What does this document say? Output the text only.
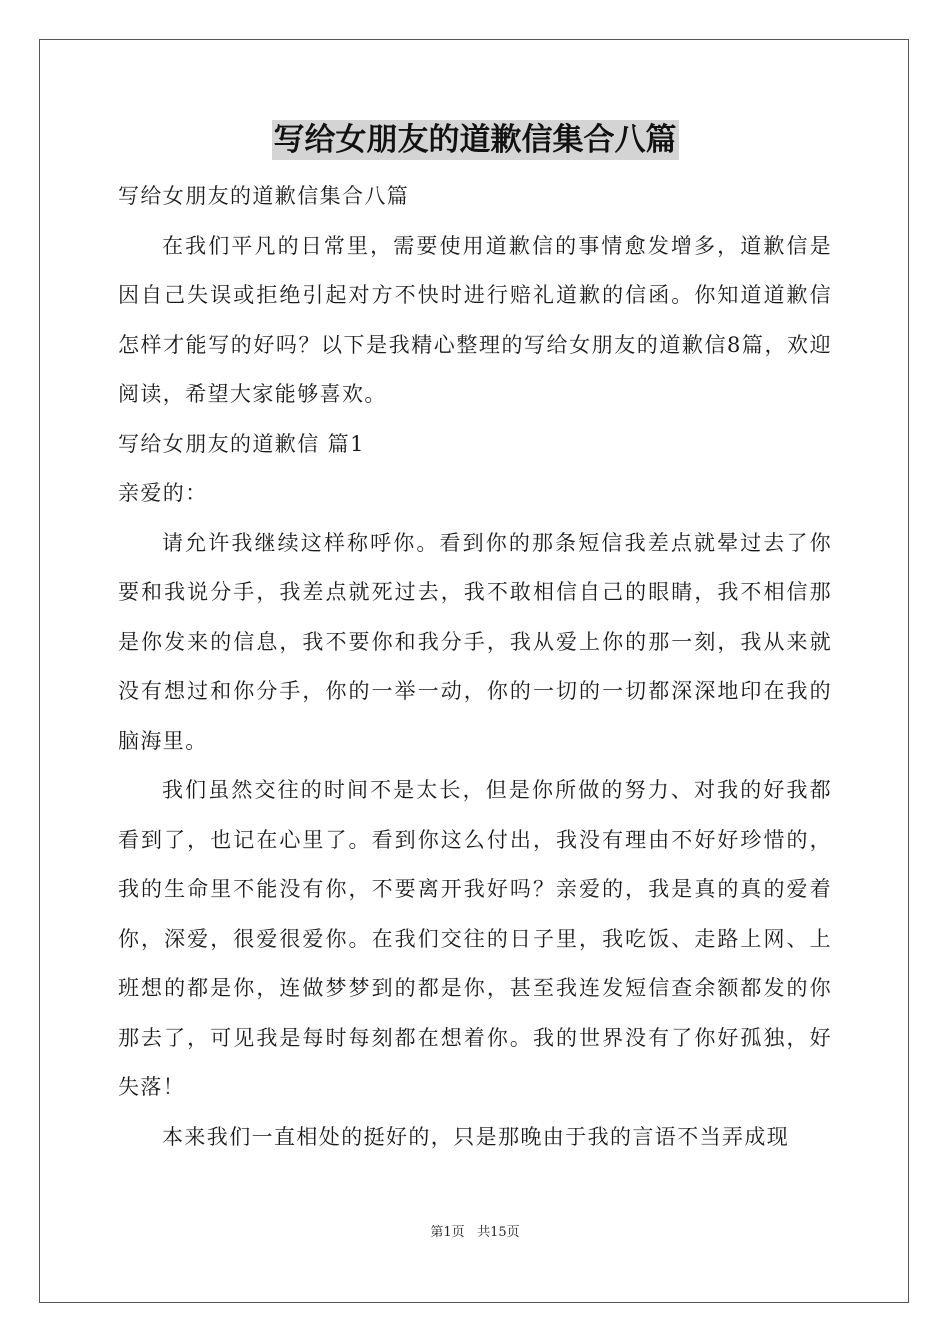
写给女朋友的道歉信集合八篇

写给女朋友的道歉信集合八篇

在我们平凡的日常里，需要使用道歉信的事情愈发增多，道歉信是因自己失误或拒绝引起对方不快时进行赔礼道歉的信函。你知道道歉信怎样才能写的好吗？以下是我精心整理的写给女朋友的道歉信8篇，欢迎阅读，希望大家能够喜欢。

写给女朋友的道歉信 篇1

亲爱的：

请允许我继续这样称呼你。看到你的那条短信我差点就晕过去了你要和我说分手，我差点就死过去，我不敢相信自己的眼睛，我不相信那是你发来的信息，我不要你和我分手，我从爱上你的那一刻，我从来就没有想过和你分手，你的一举一动，你的一切的一切都深深地印在我的脑海里。

我们虽然交往的时间不是太长，但是你所做的努力、对我的好我都看到了，也记在心里了。看到你这么付出，我没有理由不好好珍惜的，我的生命里不能没有你，不要离开我好吗？亲爱的，我是真的真的爱着你，深爱，很爱很爱你。在我们交往的日子里，我吃饭、走路上网、上班想的都是你，连做梦梦到的都是你，甚至我连发短信查余额都发的你那去了，可见我是每时每刻都在想着你。我的世界没有了你好孤独，好失落！

本来我们一直相处的挺好的，只是那晚由于我的言语不当弄成现

第1页 共15页
